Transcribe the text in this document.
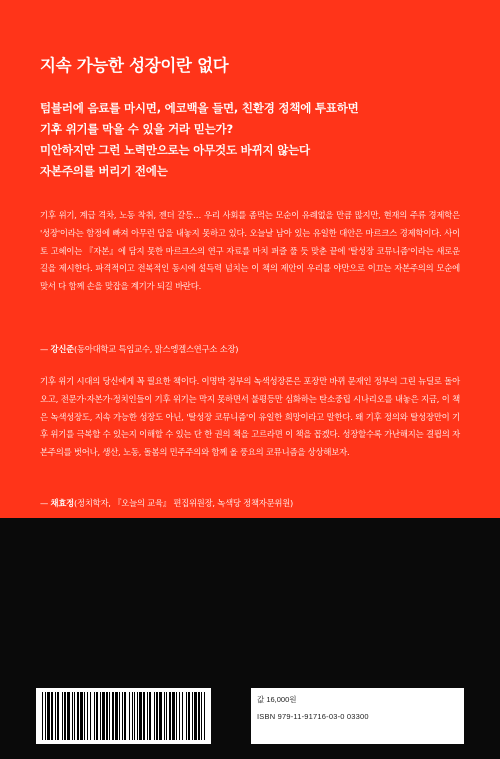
지속 가능한 성장이란 없다
텀블러에 음료를 마시면, 에코백을 들면, 친환경 정책에 투표하면
기후 위기를 막을 수 있을 거라 믿는가?
미안하지만 그런 노력만으로는 아무것도 바뀌지 않는다
자본주의를 버리기 전에는

기후 위기, 계급 격차, 노동 착취, 젠더 갈등… 우리 사회를 좀먹는 모순이 유례없을 만큼 많지만, 현재의 주류 경제학은 '성장'이라는 함정에 빠져 아무런 답을 내놓지 못하고 있다. 오늘날 남아 있는 유일한 대안은 마르크스 경제학이다. 사이토 고헤이는 『자본』에 담지 못한 마르크스의 연구 자료를 마치 퍼즐 풀 듯 맞춘 끝에 '탈성장 코뮤니즘'이라는 새로운 길을 제시한다. 파격적이고 전복적인 동시에 설득력 넘치는 이 책의 제안이 우리를 야만으로 이끄는 자본주의의 모순에 맞서 다 함께 손을 맞잡을 계기가 되길 바란다.

— 강신준(동아대학교 특임교수, 맑스엥겔스연구소 소장)

기후 위기 시대의 당신에게 꼭 필요한 책이다. 이명박 정부의 녹색성장론은 포장만 바뀌 문재인 정부의 그린 뉴딜로 돌아오고, 전문가·자본가·정치인들이 기후 위기는 막지 못하면서 불평등만 심화하는 탄소중립 시나리오를 내놓은 지금, 이 책은 녹색성장도, 지속 가능한 성장도 아닌, '탈성장 코뮤니즘'이 유일한 희망이라고 말한다. 왜 기후 정의와 탈성장만이 기후 위기를 극복할 수 있는지 이해할 수 있는 단 한 권의 책을 고르라면 이 책을 꼽겠다. 성장할수록 가난해지는 결핍의 자본주의를 벗어나, 생산, 노동, 돌봄의 민주주의와 함께 올 풍요의 코뮤니즘을 상상해보자.

— 채효정(정치학자, 『오늘의 교육』 편집위원장, 녹색당 정책자문위원)
값 16,000원
ISBN 979-11-91716-03-0 03300
